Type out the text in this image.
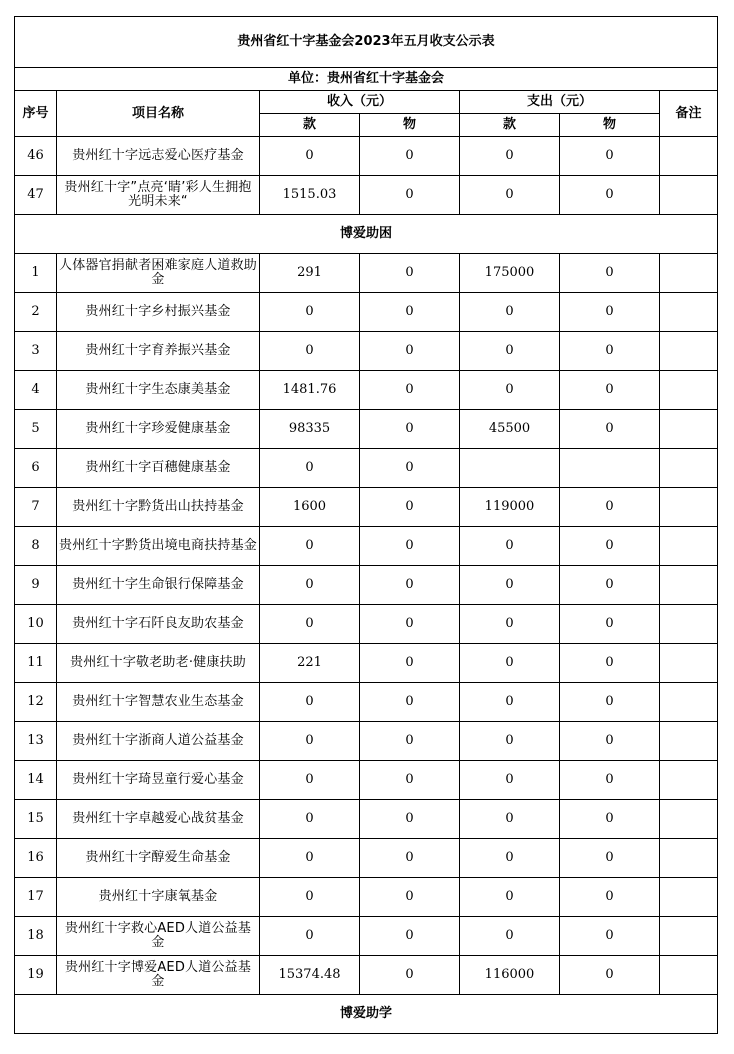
贵州省红十字基金会2023年五月收支公示表						
单位：贵州省红十字基金会						
序号	项目名称	收入（元）		支出（元）		备注
		款	物	款	物	
46	贵州红十字远志爱心医疗基金	0	0	0	0	
47	贵州红十字”点亮‘睛’彩人生拥抱光明未来“	1515.03	0	0	0	
博爱助困						
1	人体器官捐献者困难家庭人道救助金	291	0	175000	0	
2	贵州红十字乡村振兴基金	0	0	0	0	
3	贵州红十字育养振兴基金	0	0	0	0	
4	贵州红十字生态康美基金	1481.76	0	0	0	
5	贵州红十字珍爱健康基金	98335	0	45500	0	
6	贵州红十字百穗健康基金	0	0			
7	贵州红十字黔货出山扶持基金	1600	0	119000	0	
8	贵州红十字黔货出境电商扶持基金	0	0	0	0	
9	贵州红十字生命银行保障基金	0	0	0	0	
10	贵州红十字石阡良友助农基金	0	0	0	0	
11	贵州红十字敬老助老·健康扶助	221	0	0	0	
12	贵州红十字智慧农业生态基金	0	0	0	0	
13	贵州红十字浙商人道公益基金	0	0	0	0	
14	贵州红十字琦昱童行爱心基金	0	0	0	0	
15	贵州红十字卓越爱心战贫基金	0	0	0	0	
16	贵州红十字醇爱生命基金	0	0	0	0	
17	贵州红十字康氧基金	0	0	0	0	
18	贵州红十字救心AED人道公益基金	0	0	0	0	
19	贵州红十字博爱AED人道公益基金	15374.48	0	116000	0	
博爱助学						
